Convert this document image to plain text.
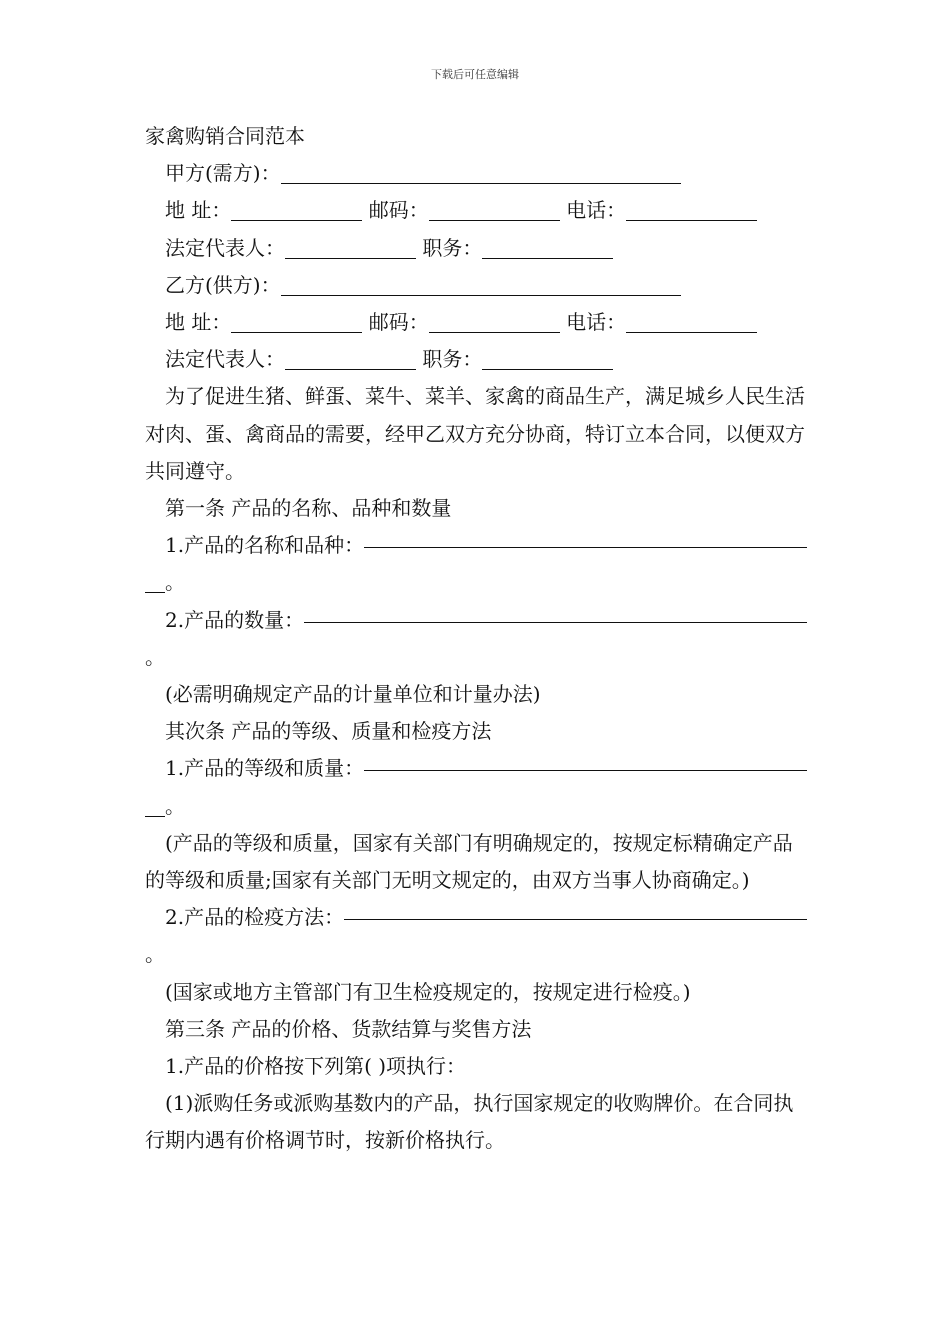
下载后可任意编辑
家禽购销合同范本
甲方(需方)：
地 址：	邮码：	电话：
法定代表人：	职务：
乙方(供方)：
地 址：	邮码：	电话：
法定代表人：	职务：
为了促进生猪、鲜蛋、菜牛、菜羊、家禽的商品生产，满足城乡人民生活对肉、蛋、禽商品的需要，经甲乙双方充分协商，特订立本合同，以便双方共同遵守。
第一条 产品的名称、品种和数量
1.产品的名称和品种：
。
2.产品的数量：
。
(必需明确规定产品的计量单位和计量办法)
其次条 产品的等级、质量和检疫方法
1.产品的等级和质量：
。
(产品的等级和质量，国家有关部门有明确规定的，按规定标精确定产品的等级和质量;国家有关部门无明文规定的，由双方当事人协商确定。)
2.产品的检疫方法：
。
(国家或地方主管部门有卫生检疫规定的，按规定进行检疫。)
第三条 产品的价格、货款结算与奖售方法
1.产品的价格按下列第( )项执行：
(1)派购任务或派购基数内的产品，执行国家规定的收购牌价。在合同执行期内遇有价格调节时，按新价格执行。
